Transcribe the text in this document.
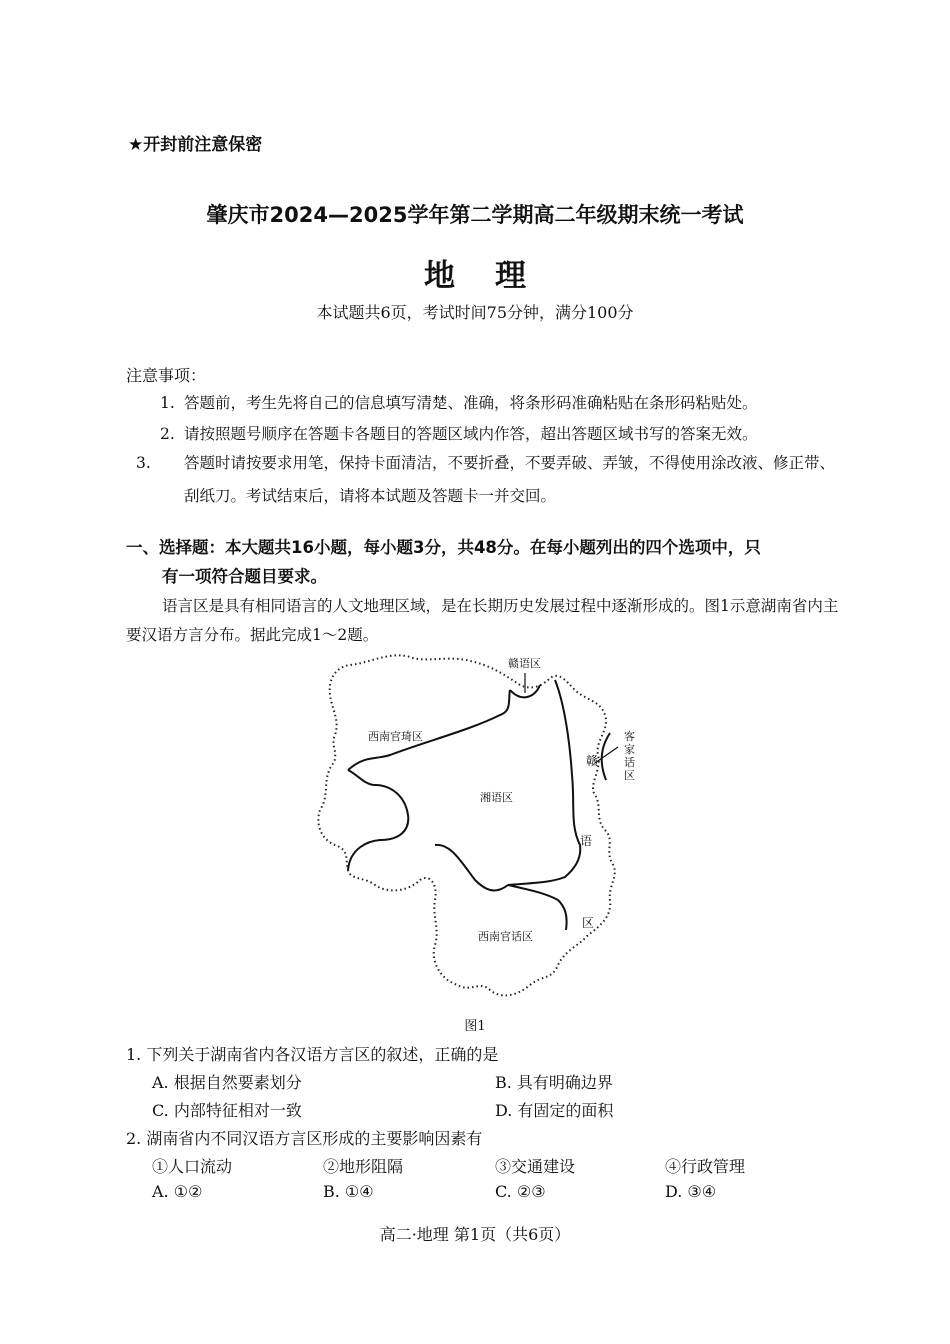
★开封前注意保密
肇庆市2024—2025学年第二学期高二年级期末统一考试
地理
本试题共6页，考试时间75分钟，满分100分
注意事项：
1. 答题前，考生先将自己的信息填写清楚、准确，将条形码准确粘贴在条形码粘贴处。
2. 请按照题号顺序在答题卡各题目的答题区域内作答，超出答题区域书写的答案无效。
3. 答题时请按要求用笔，保持卡面清洁，不要折叠，不要弄破、弄皱，不得使用涂改液、修正带、刮纸刀。考试结束后，请将本试题及答题卡一并交回。
一、选择题：本大题共16小题，每小题3分，共48分。在每小题列出的四个选项中，只
有一项符合题目要求。
语言区是具有相同语言的人文地理区域，是在长期历史发展过程中逐渐形成的。图1示意湖南省内主要汉语方言分布。据此完成1～2题。
赣语区
西南官琦区
湘语区
赣
语
区
客
家
话
区
西南官话区
图1
1. 下列关于湖南省内各汉语方言区的叙述，正确的是
A. 根据自然要素划分	B. 具有明确边界
C. 内部特征相对一致	D. 有固定的面积
2. 湖南省内不同汉语方言区形成的主要影响因素有
①人口流动	②地形阻隔	③交通建设	④行政管理
A. ①②	B. ①④	C. ②③	D. ③④
高二·地理 第1页（共6页）
